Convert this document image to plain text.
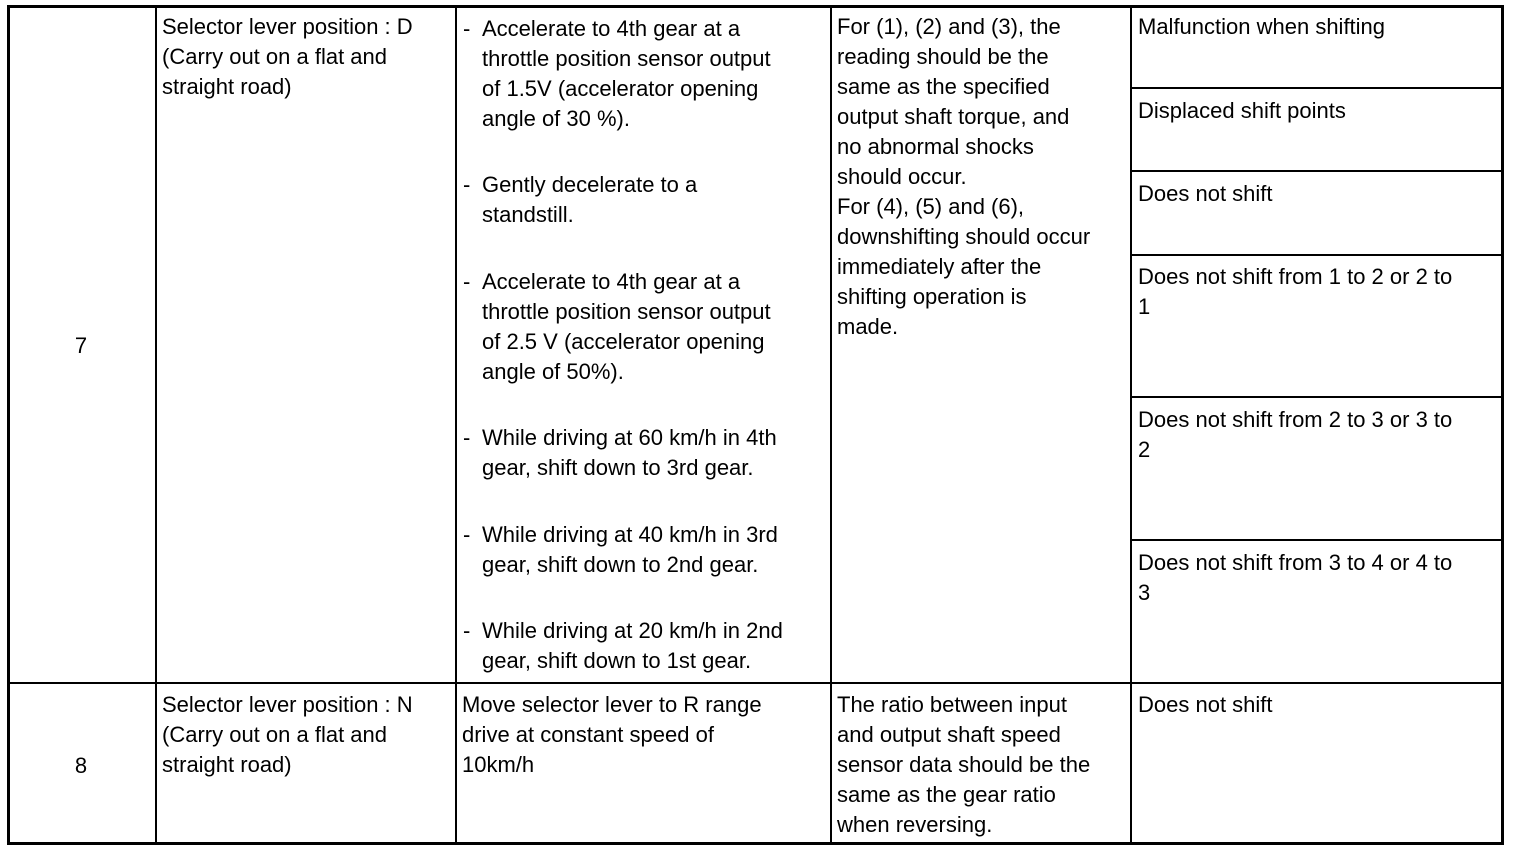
7
Selector lever position : D
(Carry out on a flat and
straight road)

-

Accelerate to 4th gear at a
throttle position sensor output
of 1.5V (accelerator opening
angle of 30 %).

-

Gently decelerate to a
standstill.

-

Accelerate to 4th gear at a
throttle position sensor output
of 2.5 V (accelerator opening
angle of 50%).

-

While driving at 60 km/h in 4th
gear, shift down to 3rd gear.

-

While driving at 40 km/h in 3rd
gear, shift down to 2nd gear.

-

While driving at 20 km/h in 2nd
gear, shift down to 1st gear.

For (1), (2) and (3), the
reading should be the
same as the specified
output shaft torque, and
no abnormal shocks
should occur.
For (4), (5) and (6),
downshifting should occur
immediately after the
shifting operation is
made.
Malfunction when shifting
Displaced shift points
Does not shift
Does not shift from 1 to 2 or 2 to
1
Does not shift from 2 to 3 or 3 to
2
Does not shift from 3 to 4 or 4 to
3
8
Selector lever position : N
(Carry out on a flat and
straight road)
Move selector lever to R range
drive at constant speed of
10km/h
The ratio between input
and output shaft speed
sensor data should be the
same as the gear ratio
when reversing.
Does not shift
